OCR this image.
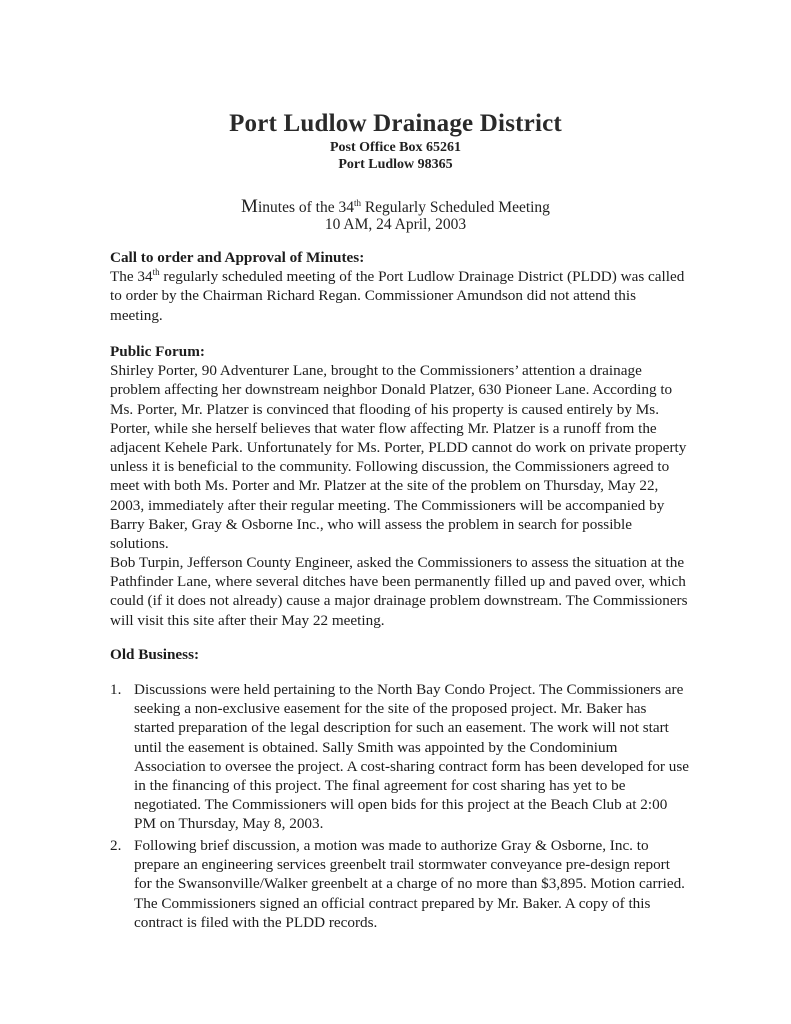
Port Ludlow Drainage District
Post Office Box 65261
Port Ludlow 98365
Minutes of the 34th Regularly Scheduled Meeting
10 AM, 24 April, 2003
Call to order and Approval of Minutes:

The 34th regularly scheduled meeting of the Port Ludlow Drainage District (PLDD) was called to order by the Chairman Richard Regan. Commissioner Amundson did not attend this meeting.

Public Forum:

Shirley Porter, 90 Adventurer Lane, brought to the Commissioners’ attention a drainage problem affecting her downstream neighbor Donald Platzer, 630 Pioneer Lane. According to Ms. Porter, Mr. Platzer is convinced that flooding of his property is caused entirely by Ms. Porter, while she herself believes that water flow affecting Mr. Platzer is a runoff from the adjacent Kehele Park. Unfortunately for Ms. Porter, PLDD cannot do work on private property unless it is beneficial to the community. Following discussion, the Commissioners agreed to meet with both Ms. Porter and Mr. Platzer at the site of the problem on Thursday, May 22, 2003, immediately after their regular meeting. The Commissioners will be accompanied by Barry Baker, Gray & Osborne Inc., who will assess the problem in search for possible solutions.

Bob Turpin, Jefferson County Engineer, asked the Commissioners to assess the situation at the Pathfinder Lane, where several ditches have been permanently filled up and paved over, which could (if it does not already) cause a major drainage problem downstream. The Commissioners will visit this site after their May 22 meeting.

Old Business:
1. Discussions were held pertaining to the North Bay Condo Project. The Commissioners are seeking a non-exclusive easement for the site of the proposed project. Mr. Baker has started preparation of the legal description for such an easement. The work will not start until the easement is obtained. Sally Smith was appointed by the Condominium Association to oversee the project. A cost-sharing contract form has been developed for use in the financing of this project. The final agreement for cost sharing has yet to be negotiated. The Commissioners will open bids for this project at the Beach Club at 2:00 PM on Thursday, May 8, 2003.
2. Following brief discussion, a motion was made to authorize Gray & Osborne, Inc. to prepare an engineering services greenbelt trail stormwater conveyance pre-design report for the Swansonville/Walker greenbelt at a charge of no more than $3,895. Motion carried. The Commissioners signed an official contract prepared by Mr. Baker. A copy of this contract is filed with the PLDD records.
